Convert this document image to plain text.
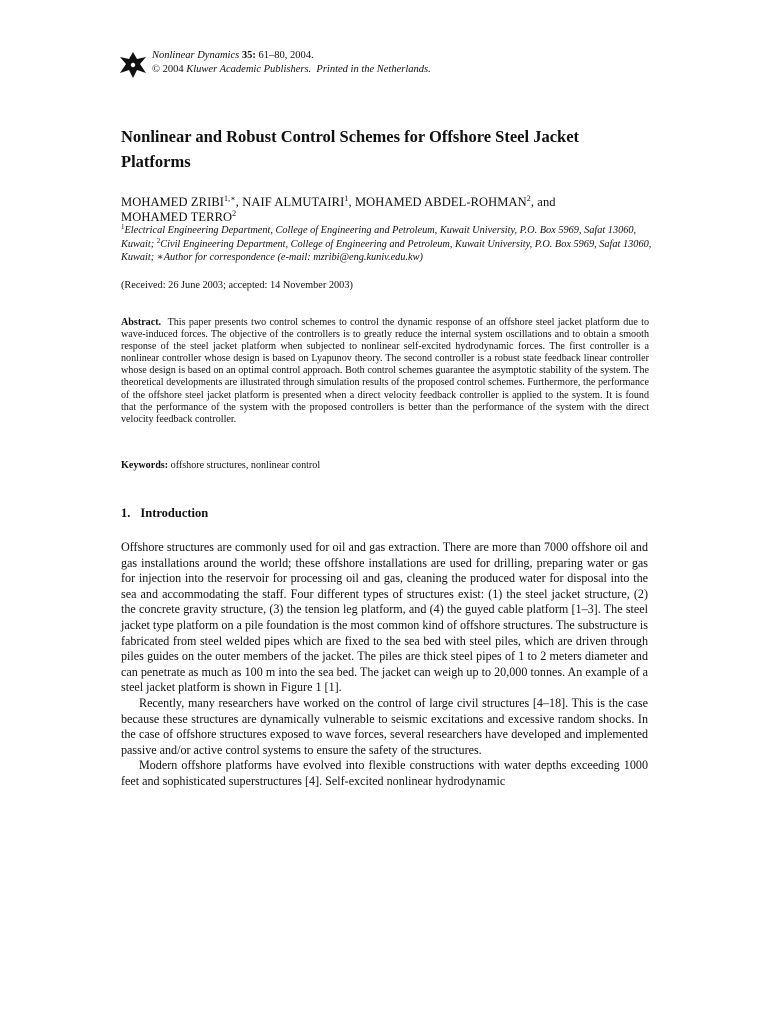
Nonlinear Dynamics 35: 61–80, 2004.
© 2004 Kluwer Academic Publishers. Printed in the Netherlands.
Nonlinear and Robust Control Schemes for Offshore Steel Jacket Platforms
MOHAMED $ZRIBI^{1,∗}$, NAIF ALMUTAIRI$^1$, MOHAMED ABDEL-ROHMAN$^2$, and
MOHAMED TERRO$^2$
$^1$Electrical Engineering Department, College of Engineering and Petroleum, Kuwait University, P.O. Box 5969, Safat 13060, Kuwait; $^2$Civil Engineering Department, College of Engineering and Petroleum, Kuwait University, P.O. Box 5969, Safat 13060, Kuwait; ∗Author for correspondence (e-mail: mzribi@eng.kuniv.edu.kw)
(Received: 26 June 2003; accepted: 14 November 2003)

Abstract. This paper presents two control schemes to control the dynamic response of an offshore steel jacket platform due to wave-induced forces. The objective of the controllers is to greatly reduce the internal system oscillations and to obtain a smooth response of the steel jacket platform when subjected to nonlinear self-excited hydrodynamic forces. The first controller is a nonlinear controller whose design is based on Lyapunov theory. The second controller is a robust state feedback linear controller whose design is based on an optimal control approach. Both control schemes guarantee the asymptotic stability of the system. The theoretical developments are illustrated through simulation results of the proposed control schemes. Furthermore, the performance of the offshore steel jacket platform is presented when a direct velocity feedback controller is applied to the system. It is found that the performance of the system with the proposed controllers is better than the performance of the system with the direct velocity feedback controller.

Keywords: offshore structures, nonlinear control
1. Introduction

Offshore structures are commonly used for oil and gas extraction. There are more than 7000 offshore oil and gas installations around the world; these offshore installations are used for drilling, preparing water or gas for injection into the reservoir for processing oil and gas, cleaning the produced water for disposal into the sea and accommodating the staff. Four different types of structures exist: (1) the steel jacket structure, (2) the concrete gravity structure, (3) the tension leg platform, and (4) the guyed cable platform [1–3]. The steel jacket type platform on a pile foundation is the most common kind of offshore structures. The substructure is fabricated from steel welded pipes which are fixed to the sea bed with steel piles, which are driven through piles guides on the outer members of the jacket. The piles are thick steel pipes of 1 to 2 meters diameter and can penetrate as much as 100 m into the sea bed. The jacket can weigh up to 20,000 tonnes. An example of a steel jacket platform is shown in Figure 1 [1].

Recently, many researchers have worked on the control of large civil structures [4–18]. This is the case because these structures are dynamically vulnerable to seismic excitations and excessive random shocks. In the case of offshore structures exposed to wave forces, several researchers have developed and implemented passive and/or active control systems to ensure the safety of the structures.

Modern offshore platforms have evolved into flexible constructions with water depths exceeding 1000 feet and sophisticated superstructures [4]. Self-excited nonlinear hydrodynamic
